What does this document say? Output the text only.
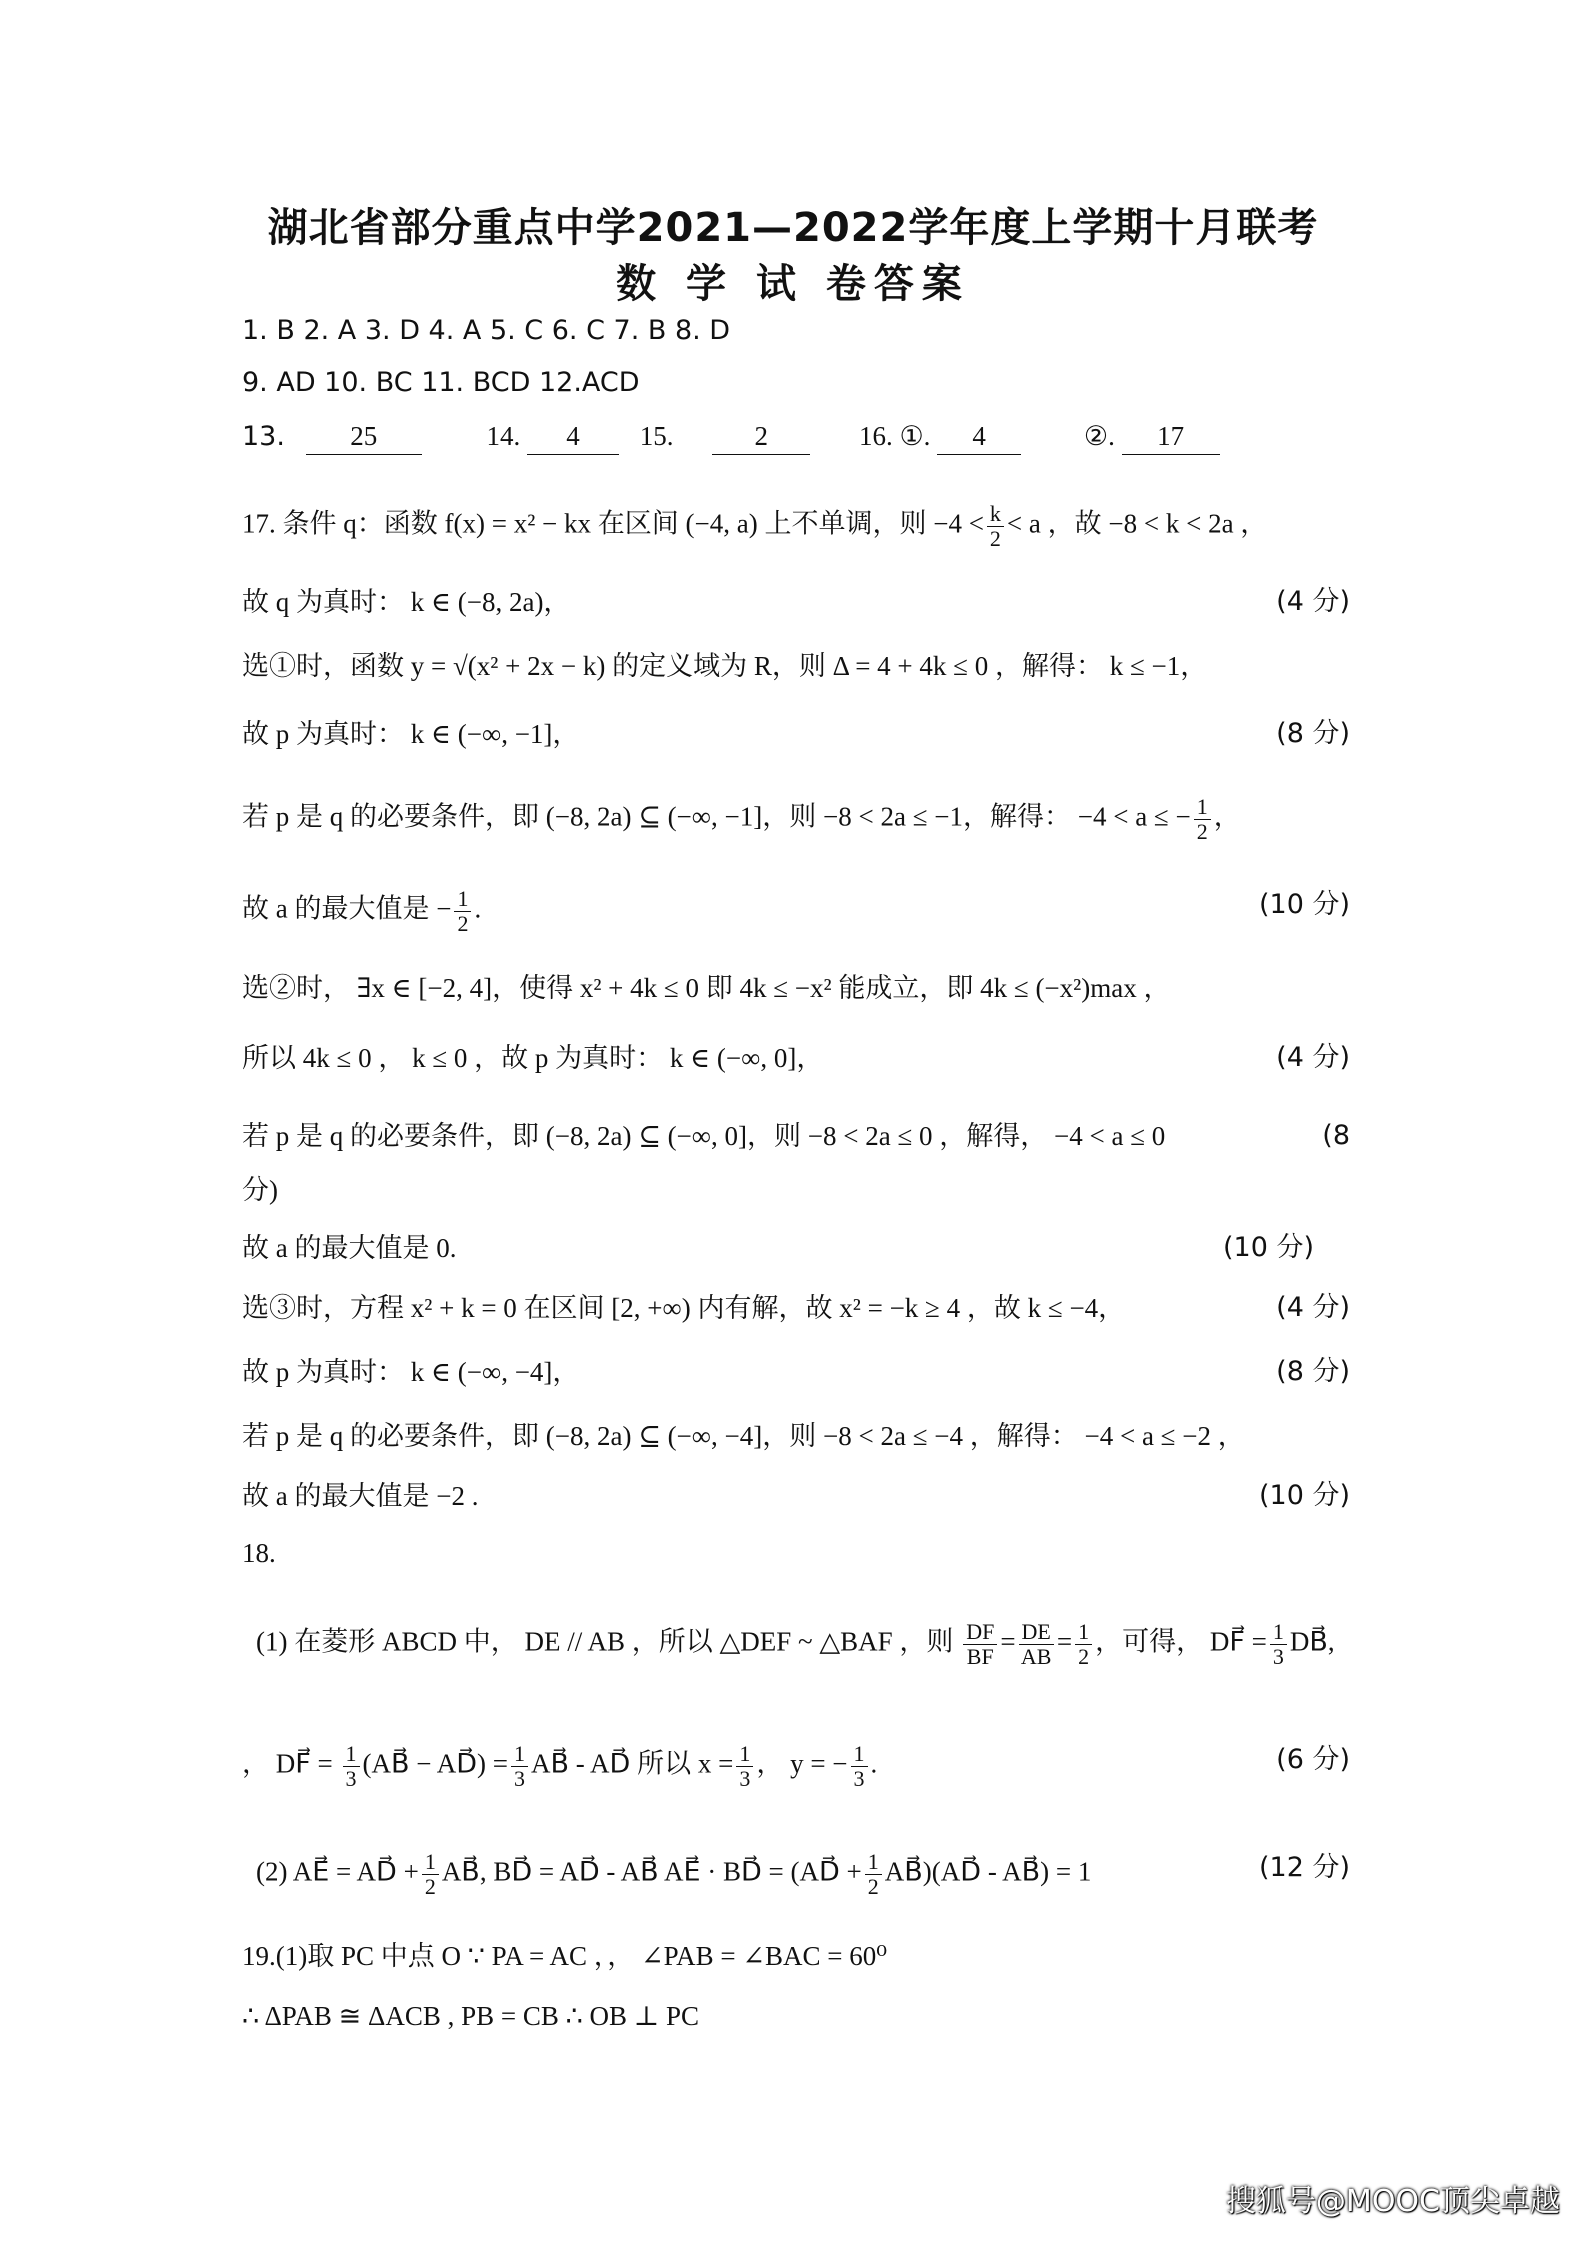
湖北省部分重点中学2021—2022学年度上学期十月联考
数 学 试 卷答案
1. B 2. A 3. D 4. A 5. C 6. C 7. B 8. D
9. AD 10. BC 11. BCD 12.ACD
13. 25	14. 4 15.	2	16. ①. 4	②. 17
17. 条件 q：函数 f(x) = x² − kx 在区间 (−4, a) 上不单调，则 $-4 < \frac{k}{2} < a$ ，故 −8 < k < 2a ，
故 q 为真时： k ∈ (−8, 2a)，	(4 分)
选①时，函数 y = √(x² + 2x − k) 的定义域为 R，则 Δ = 4 + 4k ≤ 0 ，解得： k ≤ −1，
故 p 为真时： k ∈ (−∞, −1]，	(8 分)
若 p 是 q 的必要条件，即 (−8, 2a) ⊆ (−∞, −1]，则 −8 < 2a ≤ −1，解得： −4 < a ≤ − $\frac{1}{2}$ ，
故 a 的最大值是 − $\frac{1}{2}$ .	(10 分)
选②时， ∃x ∈ [−2, 4]，使得 x² + 4k ≤ 0 即 4k ≤ −x² 能成立，即 4k ≤ (−x²)max ，
所以 4k ≤ 0 ， k ≤ 0 ，故 p 为真时： k ∈ (−∞, 0]，	(4 分)
若 p 是 q 的必要条件，即 (−8, 2a) ⊆ (−∞, 0]，则 −8 < 2a ≤ 0 ，解得， −4 < a ≤ 0	(8
分)
故 a 的最大值是 0.	(10 分)
选③时，方程 x² + k = 0 在区间 [2, +∞) 内有解，故 x² = −k ≥ 4 ，故 k ≤ −4，	(4 分)
故 p 为真时： k ∈ (−∞, −4]，	(8 分)
若 p 是 q 的必要条件，即 (−8, 2a) ⊆ (−∞, −4]，则 −8 < 2a ≤ −4 ，解得： −4 < a ≤ −2 ，
故 a 的最大值是 −2 .	(10 分)
18.
(1) 在菱形 ABCD 中， DE // AB ，所以 △DEF ~ △BAF ，则 $\frac{DF}{BF} = \frac{DE}{AB} = \frac{1}{2}$ ，可得， DF⃗ = $\frac{1}{3}$ DB⃗,
， DF⃗ = $\frac{1}{3}$ (AB⃗ − AD⃗) = $\frac{1}{3}$ AB⃗ - AD⃗ 所以 $x = \frac{1}{3}$ ， y = − $\frac{1}{3}$ .	(6 分)
(2) AE⃗ = AD⃗ + $\frac{1}{2}$ AB⃗, BD⃗ = AD⃗ - AB⃗ AE⃗ · BD⃗ = (AD⃗ + $\frac{1}{2}$ AB⃗)(AD⃗ - AB⃗) = 1	(12 分)
19.(1)取 PC 中点 O ∵ PA = AC ，， ∠PAB = ∠BAC = 60⁰
∴ ΔPAB ≅ ΔACB , PB = CB ∴ OB ⊥ PC
搜狐号@MOOC顶尖卓越
